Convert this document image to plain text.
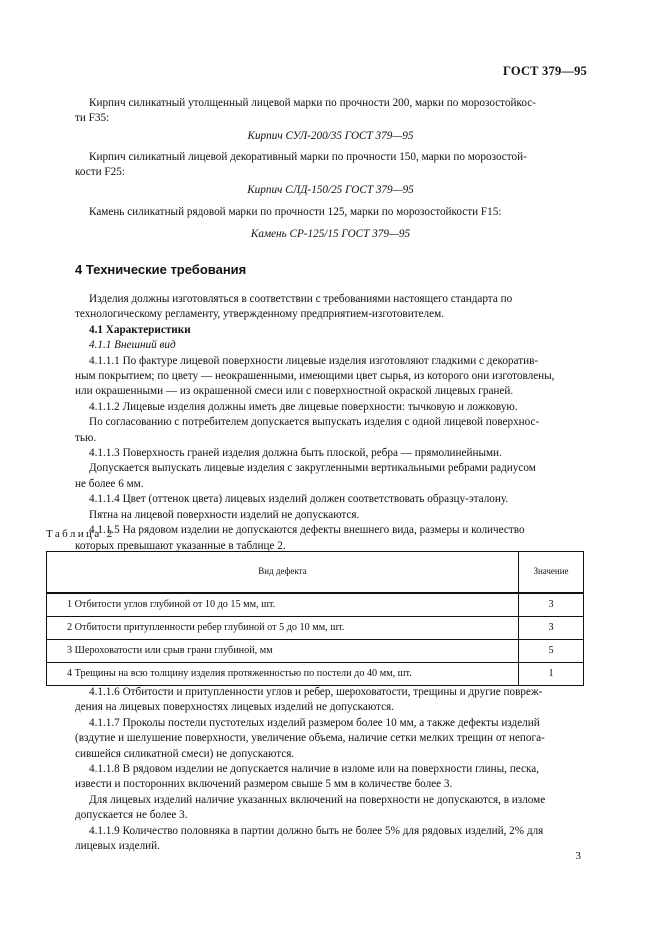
ГОСТ 379—95
Кирпич силикатный утолщенный лицевой марки по прочности 200, марки по морозостойкос-
ти F35:
Кирпич СУЛ-200/35 ГОСТ 379—95
Кирпич силикатный лицевой декоративный марки по прочности 150, марки по морозостой-
кости F25:
Кирпич СЛД-150/25 ГОСТ 379—95
Камень силикатный рядовой марки по прочности 125, марки по морозостойкости F15:
Камень СР-125/15 ГОСТ 379—95
4 Технические требования
Изделия должны изготовляться в соответствии с требованиями настоящего стандарта по
технологическому регламенту, утвержденному предприятием-изготовителем.
4.1 Характеристики
4.1.1 Внешний вид
4.1.1.1 По фактуре лицевой поверхности лицевые изделия изготовляют гладкими с декоратив-
ным покрытием; по цвету — неокрашенными, имеющими цвет сырья, из которого они изготовлены,
или окрашенными — из окрашенной смеси или с поверхностной окраской лицевых граней.
4.1.1.2 Лицевые изделия должны иметь две лицевые поверхности: тычковую и ложковую.
По согласованию с потребителем допускается выпускать изделия с одной лицевой поверхнос-
тью.
4.1.1.3 Поверхность граней изделия должна быть плоской, ребра — прямолинейными.
Допускается выпускать лицевые изделия с закругленными вертикальными ребрами радиусом
не более 6 мм.
4.1.1.4 Цвет (оттенок цвета) лицевых изделий должен соответствовать образцу-эталону.
Пятна на лицевой поверхности изделий не допускаются.
4.1.1.5 На рядовом изделии не допускаются дефекты внешнего вида, размеры и количество
которых превышают указанные в таблице 2.
Таблица 2
Вид дефекта	Значение
1 Отбитости углов глубиной от 10 до 15 мм, шт.	3
2 Отбитости притупленности ребер глубиной от 5 до 10 мм, шт.	3
3 Шероховатости или срыв грани глубиной, мм	5
4 Трещины на всю толщину изделия протяженностью по постели до 40 мм, шт.	1
4.1.1.6 Отбитости и притупленности углов и ребер, шероховатости, трещины и другие повреж-
дения на лицевых поверхностях лицевых изделий не допускаются.
4.1.1.7 Проколы постели пустотелых изделий размером более 10 мм, а также дефекты изделий
(вздутие и шелушение поверхности, увеличение объема, наличие сетки мелких трещин от непога-
сившейся силикатной смеси) не допускаются.
4.1.1.8 В рядовом изделии не допускается наличие в изломе или на поверхности глины, песка,
извести и посторонних включений размером свыше 5 мм в количестве более 3.
Для лицевых изделий наличие указанных включений на поверхности не допускаются, в изломе
допускается не более 3.
4.1.1.9 Количество половняка в партии должно быть не более 5% для рядовых изделий, 2% для
лицевых изделий.
3
